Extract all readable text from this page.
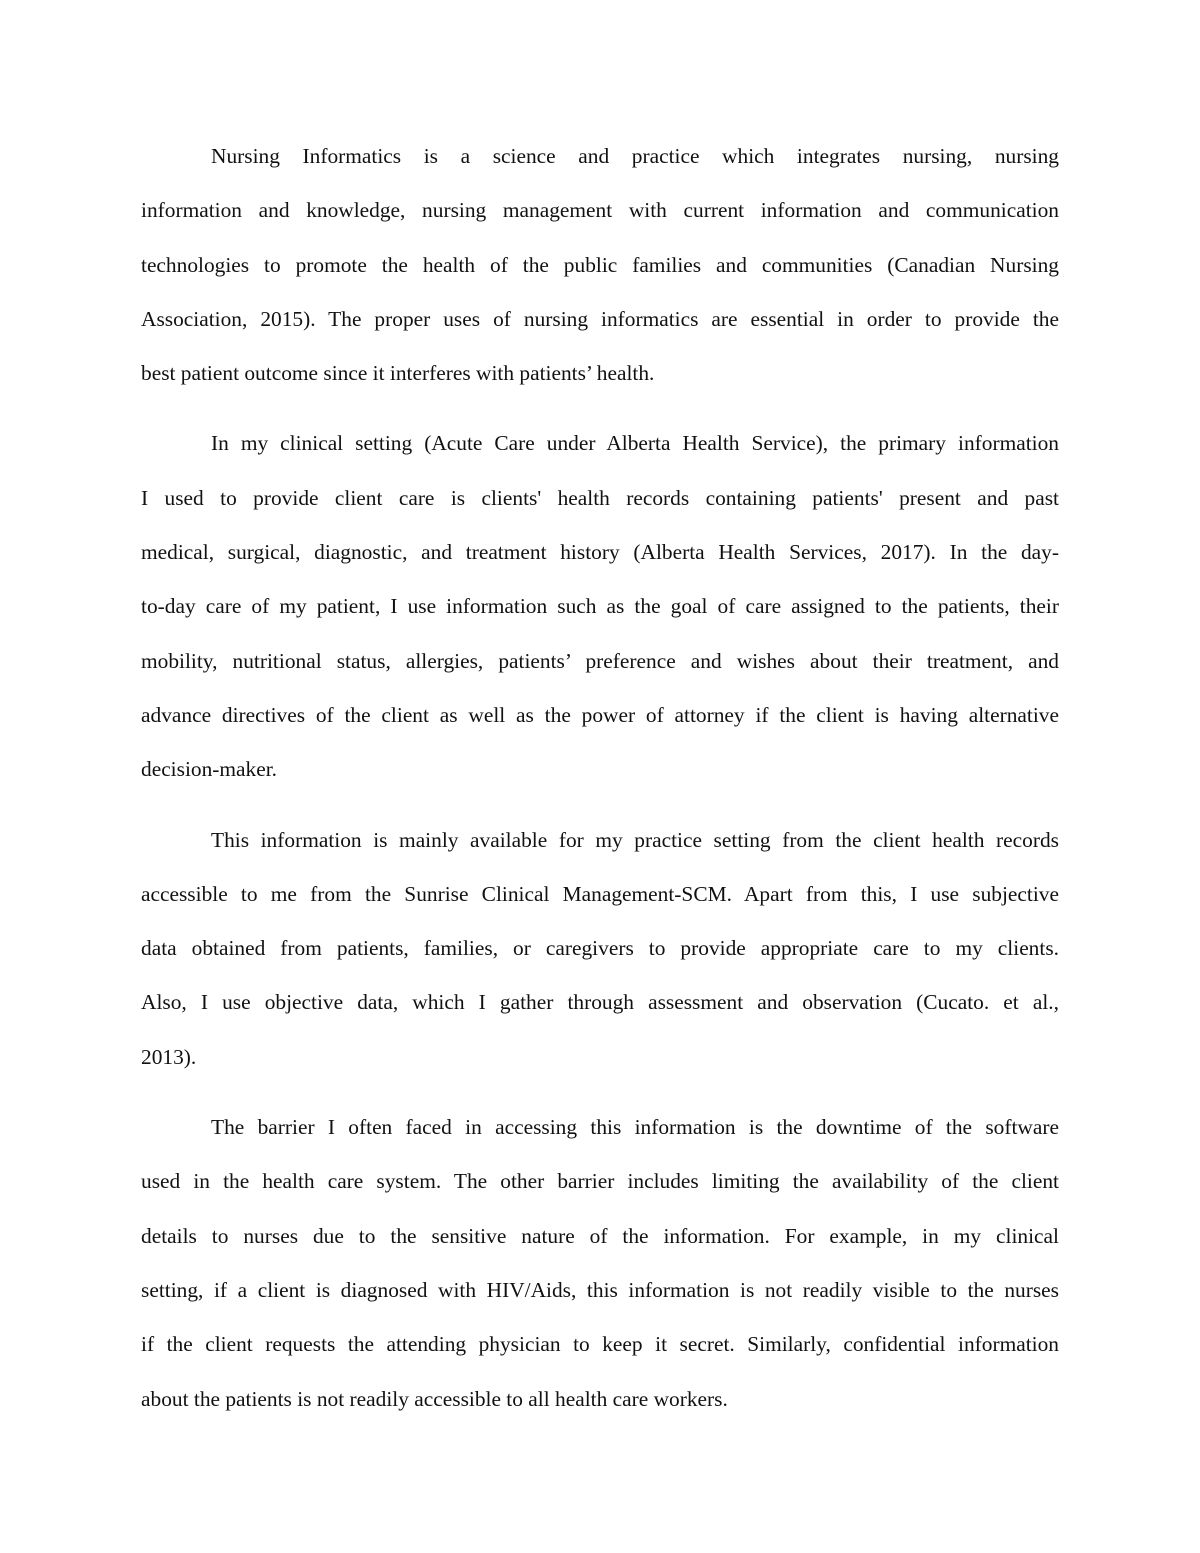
Nursing Informatics is a science and practice which integrates nursing, nursing
information and knowledge, nursing management with current information and communication
technologies to promote the health of the public families and communities (Canadian Nursing
Association, 2015). The proper uses of nursing informatics are essential in order to provide the
best patient outcome since it interferes with patients’ health.
In my clinical setting (Acute Care under Alberta Health Service), the primary information
I used to provide client care is clients' health records containing patients' present and past
medical, surgical, diagnostic, and treatment history (Alberta Health Services, 2017). In the day-
to-day care of my patient, I use information such as the goal of care assigned to the patients, their
mobility, nutritional status, allergies, patients’ preference and wishes about their treatment, and
advance directives of the client as well as the power of attorney if the client is having alternative
decision-maker.
This information is mainly available for my practice setting from the client health records
accessible to me from the Sunrise Clinical Management-SCM. Apart from this, I use subjective
data obtained from patients, families, or caregivers to provide appropriate care to my clients.
Also, I use objective data, which I gather through assessment and observation (Cucato. et al.,
2013).
The barrier I often faced in accessing this information is the downtime of the software
used in the health care system. The other barrier includes limiting the availability of the client
details to nurses due to the sensitive nature of the information. For example, in my clinical
setting, if a client is diagnosed with HIV/Aids, this information is not readily visible to the nurses
if the client requests the attending physician to keep it secret. Similarly, confidential information
about the patients is not readily accessible to all health care workers.
